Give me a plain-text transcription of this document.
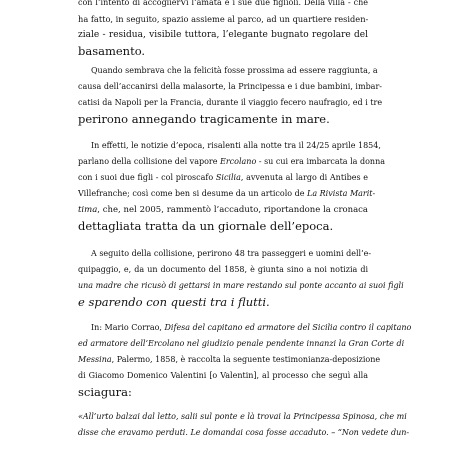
con l’intento di accoglierVi l’amata e i sue due figlioli. Della villa - che
ha fatto, in seguito, spazio assieme al parco, ad un quartiere residen-
ziale - residua, visibile tuttora, l’elegante bugnato regolare del
basamento.
Quando sembrava che la felicità fosse prossima ad essere raggiunta, a
causa dell’accanirsi della malasorte, la Principessa e i due bambini, imbar-
catisi da Napoli per la Francia, durante il viaggio fecero naufragio, ed i tre
perirono annegando tragicamente in mare.
In effetti, le notizie d’epoca, risalenti alla notte tra il 24/25 aprile 1854,
parlano della collisione del vapore Ercolano - su cui era imbarcata la donna
con i suoi due figli - col piroscafo Sicilia, avvenuta al largo di Antibes e
Villefranche; così come ben si desume da un articolo de La Rivista Marit-
tima, che, nel 2005, rammentò l’accaduto, riportandone la cronaca
dettagliata tratta da un giornale dell’epoca.
A seguito della collisione, perirono 48 tra passeggeri e uomini dell’e-
quipaggio, e, da un documento del 1858, è giunta sino a noi notizia di
una madre che ricusò di gettarsi in mare restando sul ponte accanto ai suoi figli
e sparendo con questi tra i flutti.
In: Mario Corrao, Difesa del capitano ed armatore del Sicilia contro il capitano
ed armatore dell’Ercolano nel giudizio penale pendente innanzi la Gran Corte di
Messina, Palermo, 1858, è raccolta la seguente testimonianza-deposizione
di Giacomo Domenico Valentini [o Valentin], al processo che seguì alla
sciagura:
«All’urto balzai dal letto, salii sul ponte e là trovai la Principessa Spinosa, che mi
disse che eravamo perduti. Le domandai cosa fosse accaduto. – “Non vedete dun-
